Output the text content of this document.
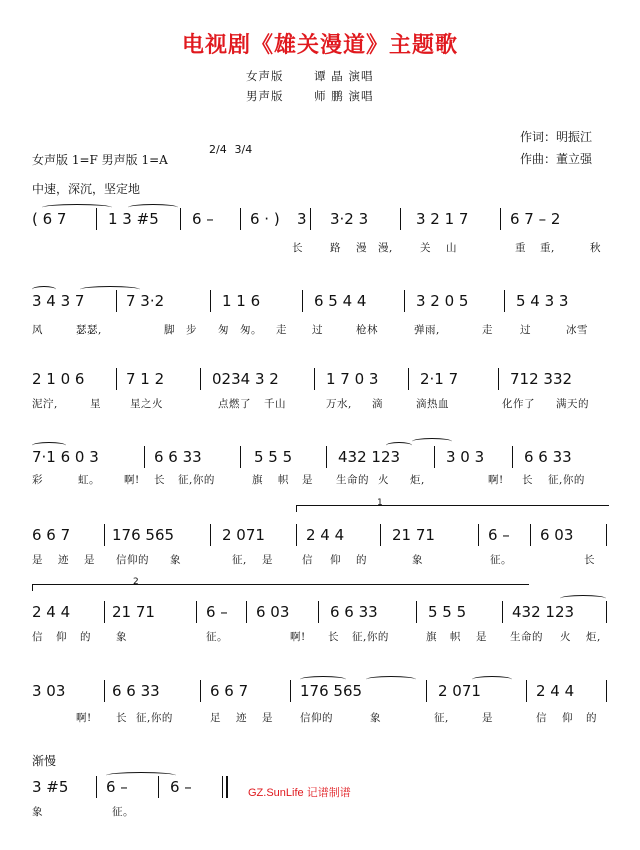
电视剧《雄关漫道》主题歌
女声版	谭 晶 演唱
男声版	师 鹏 演唱
作词：明振江
作曲：董立强
女声版 1=F 男声版 1=A
2/4 3/4
中速，深沉，坚定地
( 6 7	1 3 #5 6 – 6 · ) 3 3·2 3	3 2 1 7	6 7 – 2
长	路 漫 漫,	关 山	重 重,	秋
3 4 3 7	7 3·2	1 1 6	6 5 4 4	3 2 0 5	5 4 3 3
风	瑟瑟,	脚 步 匆 匆。 走 过	枪林	弹雨,	走	过	冰雪
2 1 0 6	7 1 2	0234 3 2	1 7 0 3	2·1 7	712 332
泥泞,	星	星之火	点燃了 千山	万水, 滴	滴热血	化作了 满天的
7·1 6 0 3	6 6 33	5 5 5	432 123	3 0 3	6 6 33
彩	虹。 啊! 长 征,你的	旗 帜 是 生命的 火 炬,	啊! 长 征,你的
1
6 6 7	176 565	2 071	2 4 4	21 71	6 – 6 03
是 迹 是 信仰的 象	征, 是	信 仰 的	象	征。	长
2
2 4 4	21 71	6 – 6 03	6 6 33	5 5 5	432 123
信 仰 的 象	征。	啊! 长 征,你的	旗 帜 是 生命的 火 炬,
3 03	6 6 33	6 6 7	176 565	2 071	2 4 4
啊! 长 征,你的	足 迹 是	信仰的	象	征,	是	信 仰 的
渐慢
3 #5	6 –	6 –
象	征。
GZ.SunLife 记谱制谱
